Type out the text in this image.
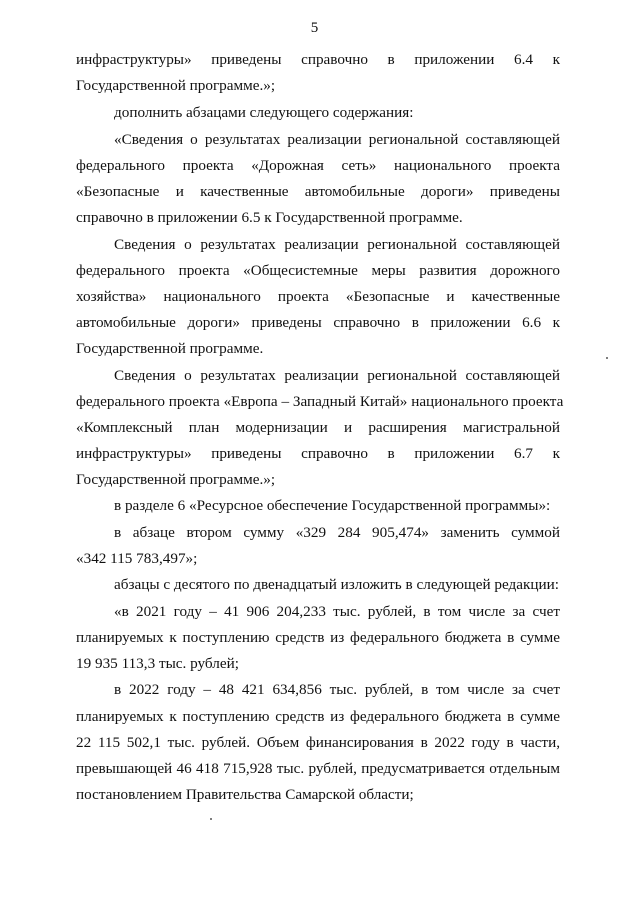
5
инфраструктуры» приведены справочно в приложении 6.4 к
Государственной программе.»;
дополнить абзацами следующего содержания:
«Сведения о результатах реализации региональной составляющей
федерального проекта «Дорожная сеть» национального проекта
«Безопасные и качественные автомобильные дороги» приведены
справочно в приложении 6.5 к Государственной программе.
Сведения о результатах реализации региональной составляющей
федерального проекта «Общесистемные меры развития дорожного
хозяйства» национального проекта «Безопасные и качественные
автомобильные дороги» приведены справочно в приложении 6.6 к
Государственной программе.
Сведения о результатах реализации региональной составляющей
федерального проекта «Европа – Западный Китай» национального проекта
«Комплексный план модернизации и расширения магистральной
инфраструктуры» приведены справочно в приложении 6.7 к
Государственной программе.»;
в разделе 6 «Ресурсное обеспечение Государственной программы»:
в абзаце втором сумму «329 284 905,474» заменить суммой
«342 115 783,497»;
абзацы с десятого по двенадцатый изложить в следующей редакции:
«в 2021 году – 41 906 204,233 тыс. рублей, в том числе за счет
планируемых к поступлению средств из федерального бюджета в сумме
19 935 113,3 тыс. рублей;
в 2022 году – 48 421 634,856 тыс. рублей, в том числе за счет
планируемых к поступлению средств из федерального бюджета в сумме
22 115 502,1 тыс. рублей. Объем финансирования в 2022 году в части,
превышающей 46 418 715,928 тыс. рублей, предусматривается отдельным
постановлением Правительства Самарской области;
